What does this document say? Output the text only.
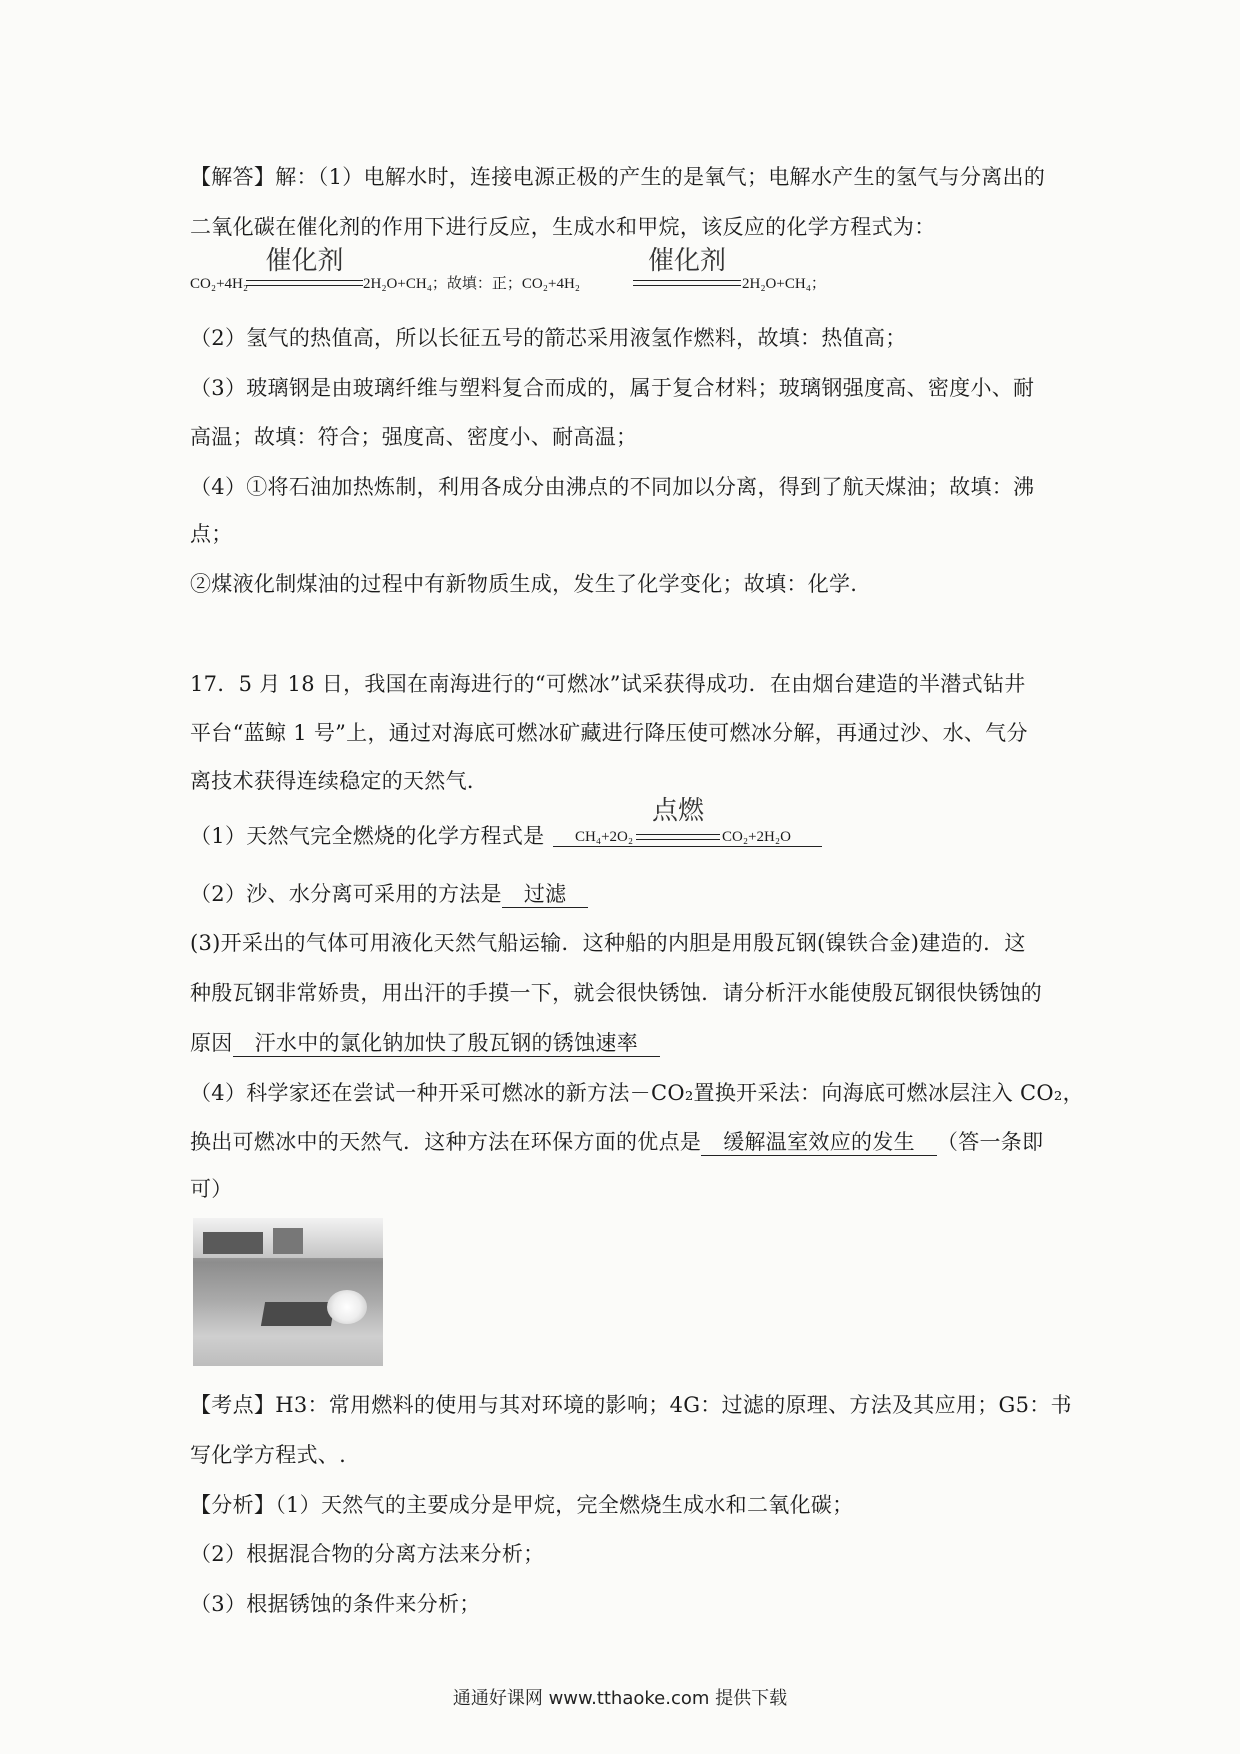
【解答】解：（1）电解水时，连接电源正极的产生的是氧气；电解水产生的氢气与分离出的
二氧化碳在催化剂的作用下进行反应，生成水和甲烷，该反应的化学方程式为：
CO₂+4H₂
催化剂
2H₂O+CH₄；故填：正；CO₂+4H₂
催化剂
2H₂O+CH₄；
（2）氢气的热值高，所以长征五号的箭芯采用液氢作燃料，故填：热值高；
（3）玻璃钢是由玻璃纤维与塑料复合而成的，属于复合材料；玻璃钢强度高、密度小、耐
高温；故填：符合；强度高、密度小、耐高温；
（4）①将石油加热炼制，利用各成分由沸点的不同加以分离，得到了航天煤油；故填：沸
点；
②煤液化制煤油的过程中有新物质生成，发生了化学变化；故填：化学.
17．5 月 18 日，我国在南海进行的“可燃冰”试采获得成功．在由烟台建造的半潜式钻井
平台“蓝鲸 1 号”上，通过对海底可燃冰矿藏进行降压使可燃冰分解，再通过沙、水、气分
离技术获得连续稳定的天然气．
（1）天然气完全燃烧的化学方程式是 CH₄+2O₂
点燃
CO₂+2H₂O
（2）沙、水分离可采用的方法是 过滤
(3)开采出的气体可用液化天然气船运输．这种船的内胆是用殷瓦钢(镍铁合金)建造的．这
种殷瓦钢非常娇贵，用出汗的手摸一下，就会很快锈蚀．请分析汗水能使殷瓦钢很快锈蚀的
原因 汗水中的氯化钠加快了殷瓦钢的锈蚀速率
（4）科学家还在尝试一种开采可燃冰的新方法－CO₂置换开采法：向海底可燃冰层注入 CO₂，
换出可燃冰中的天然气．这种方法在环保方面的优点是 缓解温室效应的发生 （答一条即
可）
【考点】H3：常用燃料的使用与其对环境的影响；4G：过滤的原理、方法及其应用；G5：书
写化学方程式、.
【分析】（1）天然气的主要成分是甲烷，完全燃烧生成水和二氧化碳；
（2）根据混合物的分离方法来分析；
（3）根据锈蚀的条件来分析；
通通好课网 www.tthaoke.com 提供下载
